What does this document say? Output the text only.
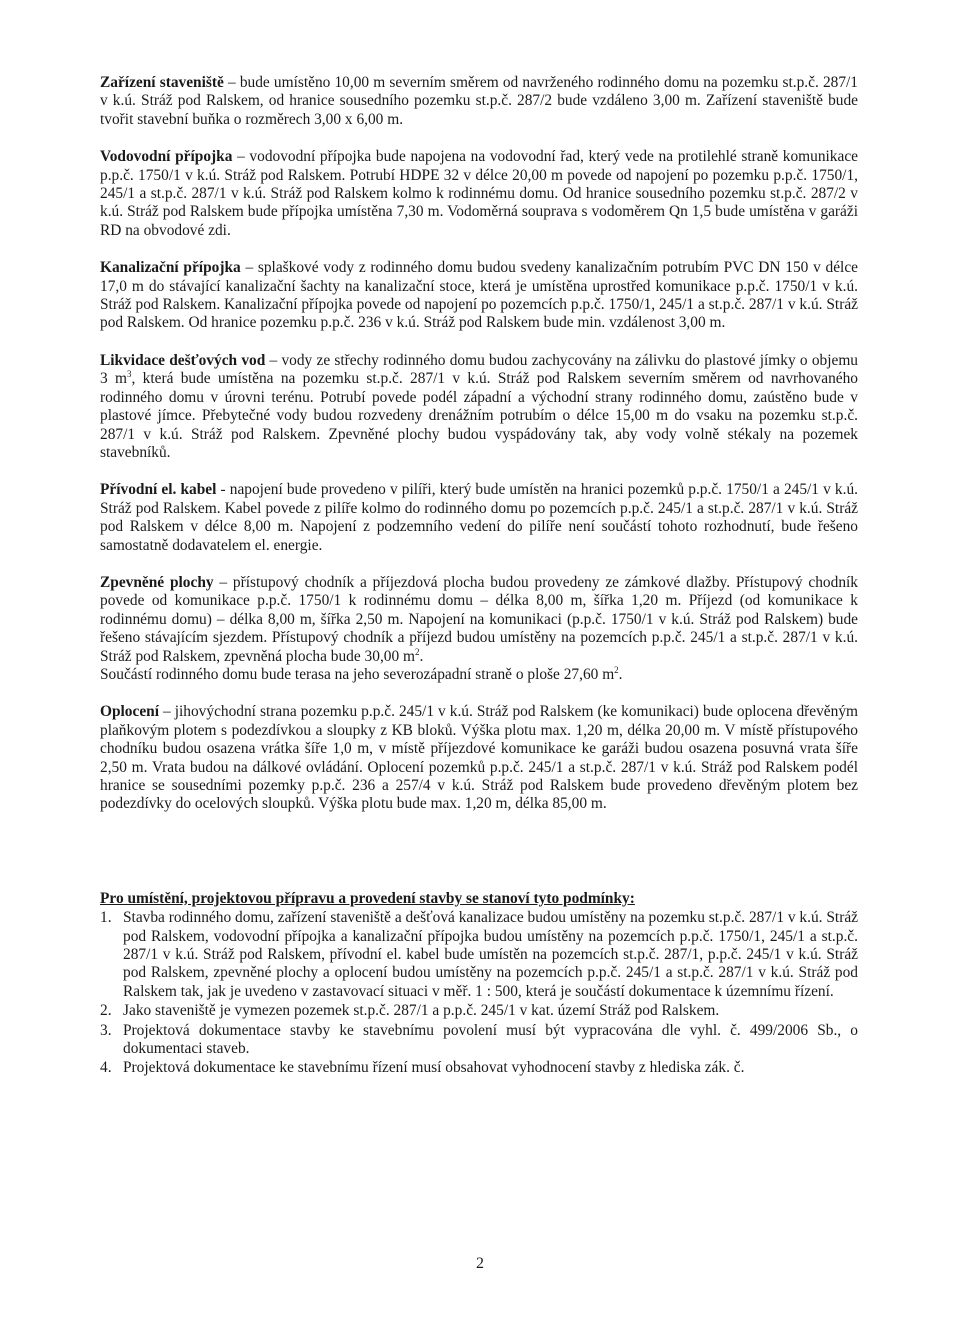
Zařízení staveniště – bude umístěno 10,00 m severním směrem od navrženého rodinného domu na pozemku st.p.č. 287/1 v k.ú. Stráž pod Ralskem, od hranice sousedního pozemku st.p.č. 287/2 bude vzdáleno 3,00 m. Zařízení staveniště bude tvořit stavební buňka o rozměrech 3,00 x 6,00 m.

Vodovodní přípojka – vodovodní přípojka bude napojena na vodovodní řad, který vede na protilehlé straně komunikace p.p.č. 1750/1 v k.ú. Stráž pod Ralskem. Potrubí HDPE 32 v délce 20,00 m povede od napojení po pozemku p.p.č. 1750/1, 245/1 a st.p.č. 287/1 v k.ú. Stráž pod Ralskem kolmo k rodinnému domu. Od hranice sousedního pozemku st.p.č. 287/2 v k.ú. Stráž pod Ralskem bude přípojka umístěna 7,30 m. Vodoměrná souprava s vodoměrem Qn 1,5 bude umístěna v garáži RD na obvodové zdi.

Kanalizační přípojka – splaškové vody z rodinného domu budou svedeny kanalizačním potrubím PVC DN 150 v délce 17,0 m do stávající kanalizační šachty na kanalizační stoce, která je umístěna uprostřed komunikace p.p.č. 1750/1 v k.ú. Stráž pod Ralskem. Kanalizační přípojka povede od napojení po pozemcích p.p.č. 1750/1, 245/1 a st.p.č. 287/1 v k.ú. Stráž pod Ralskem. Od hranice pozemku p.p.č. 236 v k.ú. Stráž pod Ralskem bude min. vzdálenost 3,00 m.

Likvidace dešťových vod – vody ze střechy rodinného domu budou zachycovány na zálivku do plastové jímky o objemu 3 $m^3$, která bude umístěna na pozemku st.p.č. 287/1 v k.ú. Stráž pod Ralskem severním směrem od navrhovaného rodinného domu v úrovni terénu. Potrubí povede podél západní a východní strany rodinného domu, zaústěno bude v plastové jímce. Přebytečné vody budou rozvedeny drenážním potrubím o délce 15,00 m do vsaku na pozemku st.p.č. 287/1 v k.ú. Stráž pod Ralskem. Zpevněné plochy budou vyspádovány tak, aby vody volně stékaly na pozemek stavebníků.

Přívodní el. kabel - napojení bude provedeno v pilíři, který bude umístěn na hranici pozemků p.p.č. 1750/1 a 245/1 v k.ú. Stráž pod Ralskem. Kabel povede z pilíře kolmo do rodinného domu po pozemcích p.p.č. 245/1 a st.p.č. 287/1 v k.ú. Stráž pod Ralskem v délce 8,00 m. Napojení z podzemního vedení do pilíře není součástí tohoto rozhodnutí, bude řešeno samostatně dodavatelem el. energie.

Zpevněné plochy – přístupový chodník a příjezdová plocha budou provedeny ze zámkové dlažby. Přístupový chodník povede od komunikace p.p.č. 1750/1 k rodinnému domu – délka 8,00 m, šířka 1,20 m. Příjezd (od komunikace k rodinnému domu) – délka 8,00 m, šířka 2,50 m. Napojení na komunikaci (p.p.č. 1750/1 v k.ú. Stráž pod Ralskem) bude řešeno stávajícím sjezdem. Přístupový chodník a příjezd budou umístěny na pozemcích p.p.č. 245/1 a st.p.č. 287/1 v k.ú. Stráž pod Ralskem, zpevněná plocha bude 30,00 $m^2$.
Součástí rodinného domu bude terasa na jeho severozápadní straně o ploše 27,60 $m^2$.

Oplocení – jihovýchodní strana pozemku p.p.č. 245/1 v k.ú. Stráž pod Ralskem (ke komunikaci) bude oplocena dřevěným plaňkovým plotem s podezdívkou a sloupky z KB bloků. Výška plotu max. 1,20 m, délka 20,00 m. V místě přístupového chodníku budou osazena vrátka šíře 1,0 m, v místě příjezdové komunikace ke garáži budou osazena posuvná vrata šíře 2,50 m. Vrata budou na dálkové ovládání. Oplocení pozemků p.p.č. 245/1 a st.p.č. 287/1 v k.ú. Stráž pod Ralskem podél hranice se sousedními pozemky p.p.č. 236 a 257/4 v k.ú. Stráž pod Ralskem bude provedeno dřevěným plotem bez podezdívky do ocelových sloupků. Výška plotu bude max. 1,20 m, délka 85,00 m.

Pro umístění, projektovou přípravu a provedení stavby se stanoví tyto podmínky:
1. Stavba rodinného domu, zařízení staveniště a dešťová kanalizace budou umístěny na pozemku st.p.č. 287/1 v k.ú. Stráž pod Ralskem, vodovodní přípojka a kanalizační přípojka budou umístěny na pozemcích p.p.č. 1750/1, 245/1 a st.p.č. 287/1 v k.ú. Stráž pod Ralskem, přívodní el. kabel bude umístěn na pozemcích st.p.č. 287/1, p.p.č. 245/1 v k.ú. Stráž pod Ralskem, zpevněné plochy a oplocení budou umístěny na pozemcích p.p.č. 245/1 a st.p.č. 287/1 v k.ú. Stráž pod Ralskem tak, jak je uvedeno v zastavovací situaci v měř. 1 : 500, která je součástí dokumentace k územnímu řízení.
2. Jako staveniště je vymezen pozemek st.p.č. 287/1 a p.p.č. 245/1 v kat. území Stráž pod Ralskem.
3. Projektová dokumentace stavby ke stavebnímu povolení musí být vypracována dle vyhl. č. 499/2006 Sb., o dokumentaci staveb.
4. Projektová dokumentace ke stavebnímu řízení musí obsahovat vyhodnocení stavby z hlediska zák. č.
2
